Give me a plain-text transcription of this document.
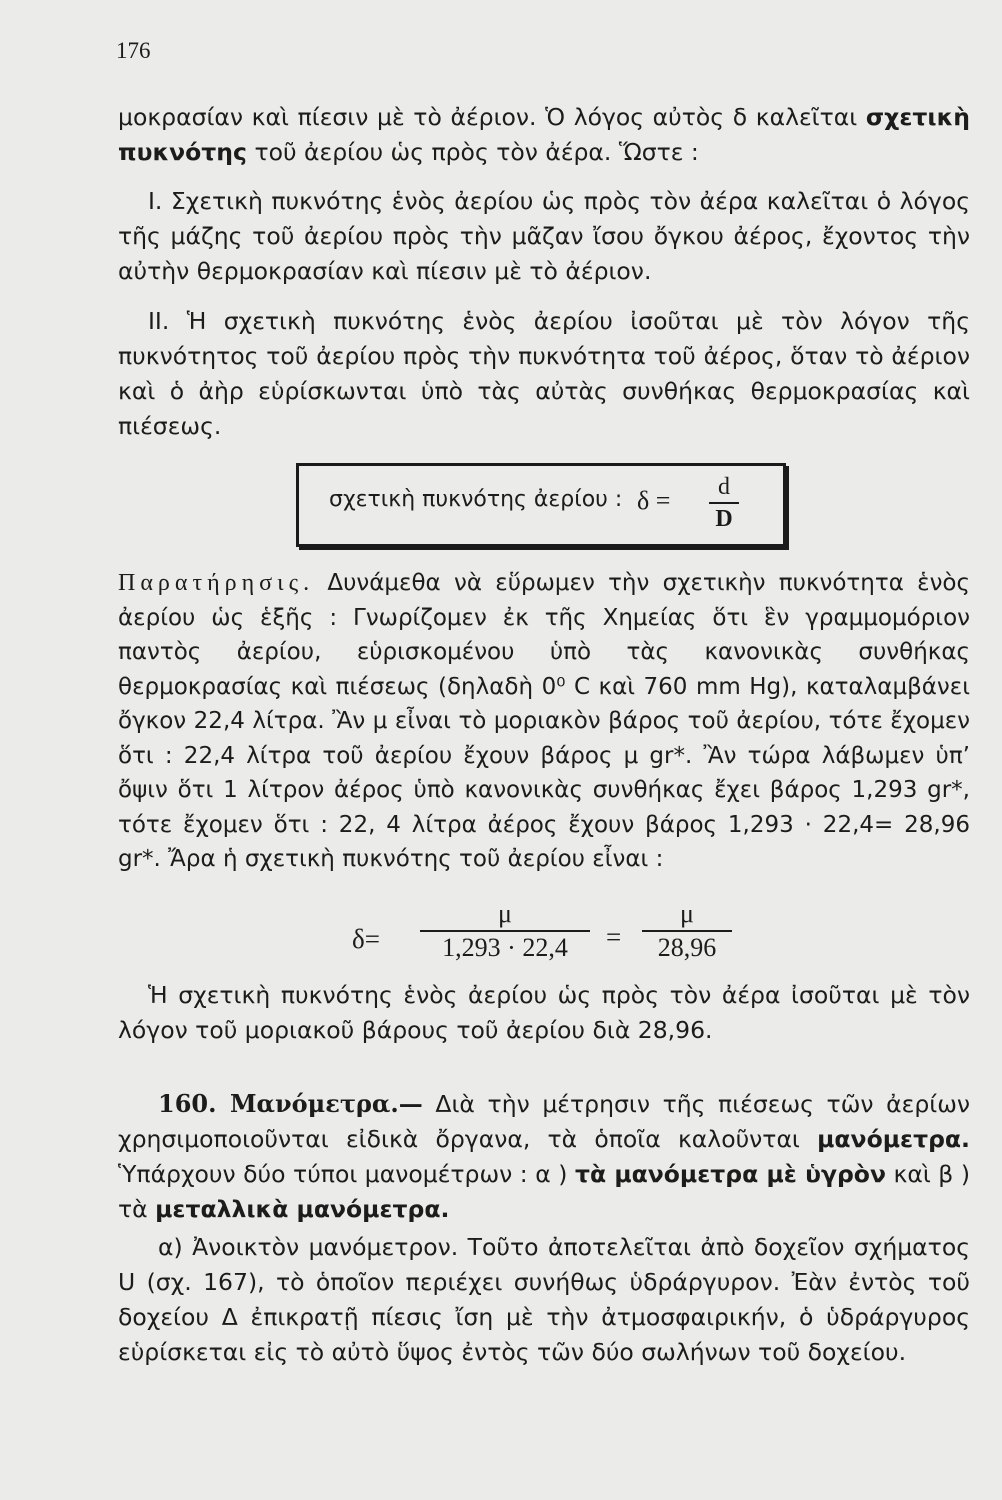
176
μοκρασίαν καὶ πίεσιν μὲ τὸ ἀέριον. Ὁ λόγος αὐτὸς δ καλεῖται σχετικὴ πυκνότης τοῦ ἀερίου ὡς πρὸς τὸν ἀέρα. Ὥστε :
I. Σχετικὴ πυκνότης ἑνὸς ἀερίου ὡς πρὸς τὸν ἀέρα καλεῖται ὁ λόγος τῆς μάζης τοῦ ἀερίου πρὸς τὴν μᾶζαν ἴσου ὄγκου ἀέρος, ἔχοντος τὴν αὐτὴν θερμοκρασίαν καὶ πίεσιν μὲ τὸ ἀέριον.
II. Ἡ σχετικὴ πυκνότης ἑνὸς ἀερίου ἰσοῦται μὲ τὸν λόγον τῆς πυκνότητος τοῦ ἀερίου πρὸς τὴν πυκνότητα τοῦ ἀέρος, ὅταν τὸ ἀέριον καὶ ὁ ἀὴρ εὑρίσκωνται ὑπὸ τὰς αὐτὰς συνθήκας θερμοκρασίας καὶ πιέσεως.
σχετικὴ πυκνότης ἀερίου : δ =	d
D
Παρατήρησις. Δυνάμεθα νὰ εὕρωμεν τὴν σχετικὴν πυκνότητα ἑνὸς ἀερίου ὡς ἑξῆς : Γνωρίζομεν ἐκ τῆς Χημείας ὅτι ἓν γραμμομόριον παντὸς ἀερίου, εὑρισκομένου ὑπὸ τὰς κανονικὰς συνθήκας θερμοκρασίας καὶ πιέσεως (δηλαδὴ 0⁰ C καὶ 760 mm Hg), καταλαμβάνει ὄγκον 22,4 λίτρα. Ἂν μ εἶναι τὸ μοριακὸν βάρος τοῦ ἀερίου, τότε ἔχομεν ὅτι : 22,4 λίτρα τοῦ ἀερίου ἔχουν βάρος μ gr*. Ἂν τώρα λάβωμεν ὑπ’ ὄψιν ὅτι 1 λίτρον ἀέρος ὑπὸ κανονικὰς συνθήκας ἔχει βάρος 1,293 gr*, τότε ἔχομεν ὅτι : 22, 4 λίτρα ἀέρος ἔχουν βάρος 1,293 · 22,4= 28,96 gr*. Ἄρα ἡ σχετικὴ πυκνότης τοῦ ἀερίου εἶναι :
δ=
μ
1,293 · 22,4	=
μ
28,96
Ἡ σχετικὴ πυκνότης ἑνὸς ἀερίου ὡς πρὸς τὸν ἀέρα ἰσοῦται μὲ τὸν λόγον τοῦ μοριακοῦ βάρους τοῦ ἀερίου διὰ 28,96.
160. Μανόμετρα.— Διὰ τὴν μέτρησιν τῆς πιέσεως τῶν ἀερίων χρησιμοποιοῦνται εἰδικὰ ὄργανα, τὰ ὁποῖα καλοῦνται μανόμετρα. Ὑπάρχουν δύο τύποι μανομέτρων : α ) τὰ μανόμετρα μὲ ὑγρὸν καὶ β ) τὰ μεταλλικὰ μανόμετρα.
α) Ἀνοικτὸν μανόμετρον. Τοῦτο ἀποτελεῖται ἀπὸ δοχεῖον σχήματος U (σχ. 167), τὸ ὁποῖον περιέχει συνήθως ὑδράργυρον. Ἐὰν ἐντὸς τοῦ δοχείου Δ ἐπικρατῇ πίεσις ἴση μὲ τὴν ἀτμοσφαιρικήν, ὁ ὑδράργυρος εὑρίσκεται εἰς τὸ αὐτὸ ὕψος ἐντὸς τῶν δύο σωλήνων τοῦ δοχείου.
